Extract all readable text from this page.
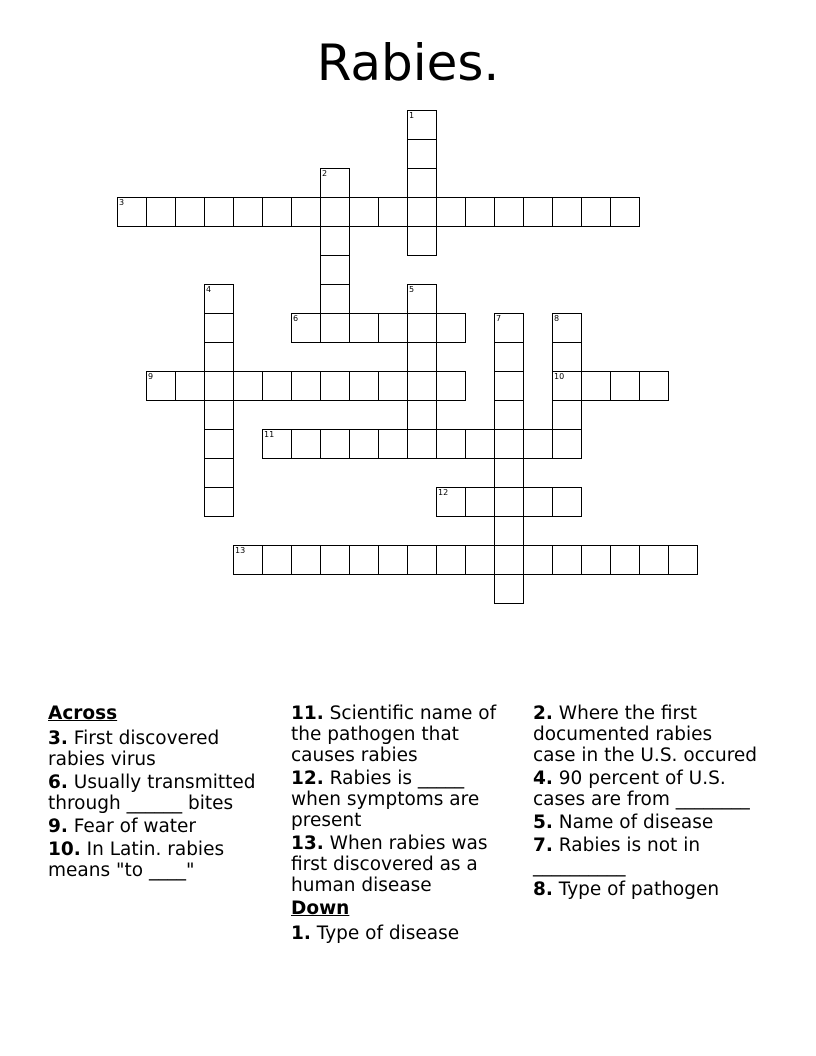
Rabies.
1
2
3
4	5
6	7	8
10
9
11
12
13
Across
3. First discovered rabies virus
6. Usually transmitted through ______ bites
9. Fear of water
10. In Latin. rabies means "to ____"
11. Scientific name of the pathogen that causes rabies
12. Rabies is _____ when symptoms are present
13. When rabies was first discovered as a human disease
Down
1. Type of disease
2. Where the first documented rabies case in the U.S. occured
4. 90 percent of U.S. cases are from ________
5. Name of disease
7. Rabies is not in __________
8. Type of pathogen
